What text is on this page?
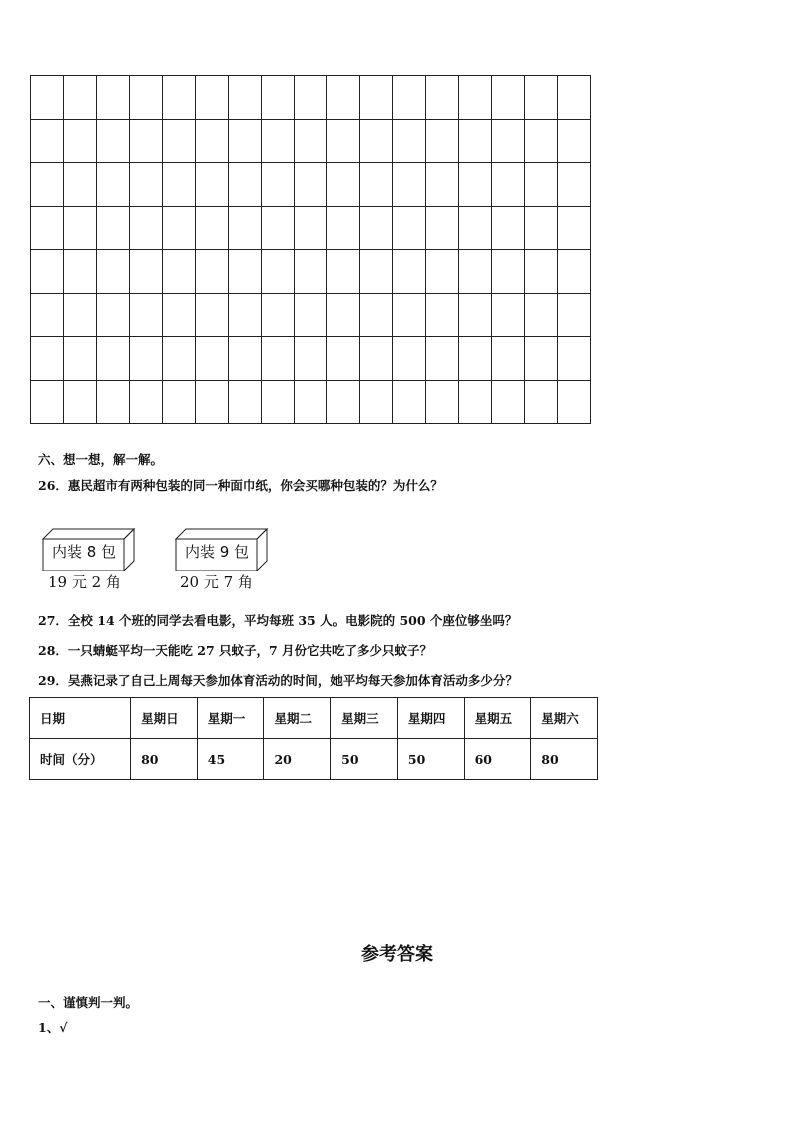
六、想一想，解一解。
26．惠民超市有两种包装的同一种面巾纸，你会买哪种包装的？为什么？
内装 8 包
19 元 2 角
内装 9 包
20 元 7 角
27．全校 14 个班的同学去看电影，平均每班 35 人。电影院的 500 个座位够坐吗？
28．一只蜻蜓平均一天能吃 27 只蚊子，7 月份它共吃了多少只蚊子？
29．吴燕记录了自己上周每天参加体育活动的时间，她平均每天参加体育活动多少分？
日期	星期日	星期一	星期二	星期三	星期四	星期五	星期六
时间（分）	80	45	20	50	50	60	80
参考答案
一、谨慎判一判。
1、√
